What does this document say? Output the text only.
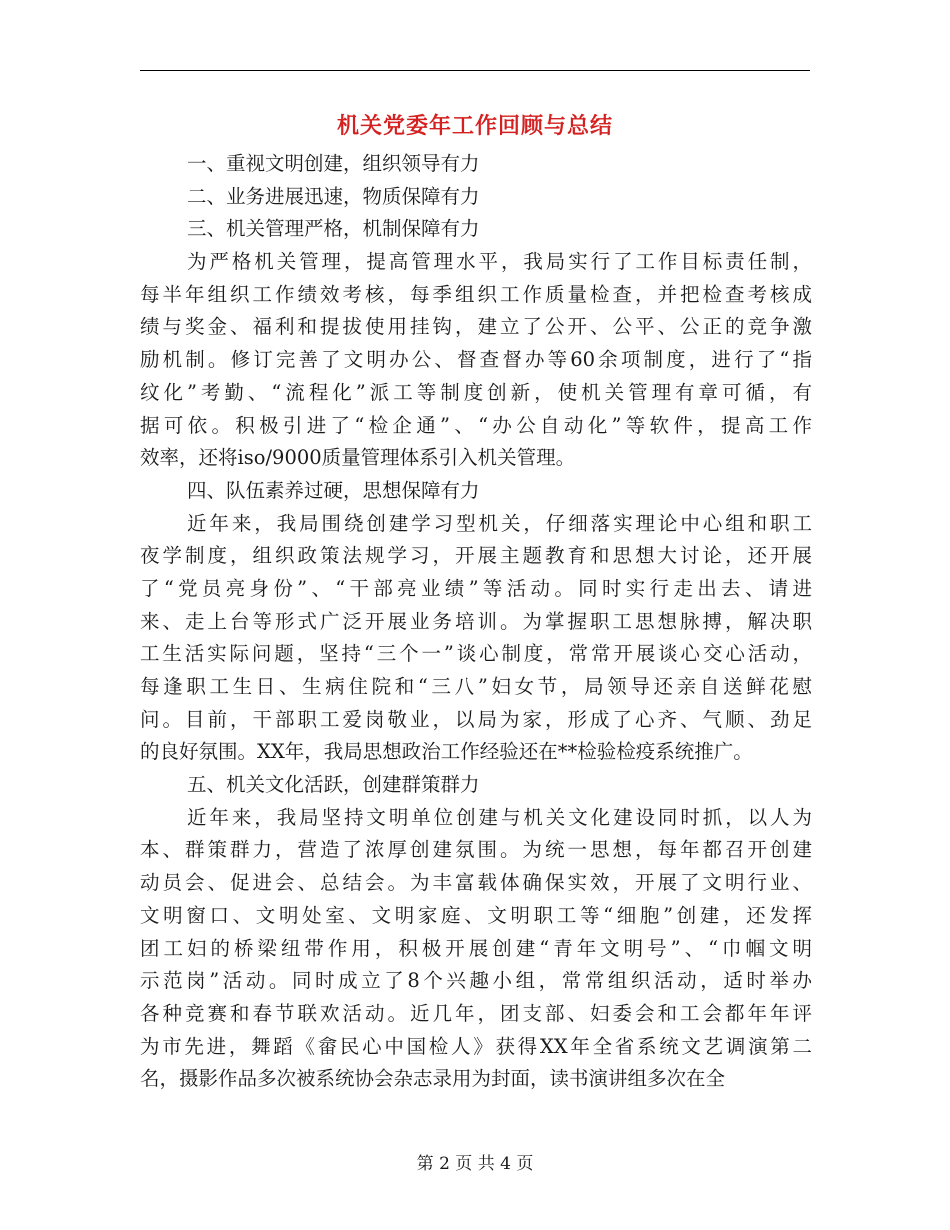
机关党委年工作回顾与总结
一、重视文明创建，组织领导有力
二、业务进展迅速，物质保障有力
三、机关管理严格，机制保障有力
为严格机关管理，提高管理水平，我局实行了工作目标责任制，
每半年组织工作绩效考核，每季组织工作质量检查，并把检查考核成
绩与奖金、福利和提拔使用挂钩，建立了公开、公平、公正的竞争激
励机制。修订完善了文明办公、督查督办等60余项制度，进行了“指
纹化”考勤、“流程化”派工等制度创新，使机关管理有章可循，有
据可依。积极引进了“检企通”、“办公自动化”等软件，提高工作
效率，还将iso/9000质量管理体系引入机关管理。
四、队伍素养过硬，思想保障有力
近年来，我局围绕创建学习型机关，仔细落实理论中心组和职工
夜学制度，组织政策法规学习，开展主题教育和思想大讨论，还开展
了“党员亮身份”、“干部亮业绩”等活动。同时实行走出去、请进
来、走上台等形式广泛开展业务培训。为掌握职工思想脉搏，解决职
工生活实际问题，坚持“三个一”谈心制度，常常开展谈心交心活动，
每逢职工生日、生病住院和“三八”妇女节，局领导还亲自送鲜花慰
问。目前，干部职工爱岗敬业，以局为家，形成了心齐、气顺、劲足
的良好氛围。XX年，我局思想政治工作经验还在**检验检疫系统推广。
五、机关文化活跃，创建群策群力
近年来，我局坚持文明单位创建与机关文化建设同时抓，以人为
本、群策群力，营造了浓厚创建氛围。为统一思想，每年都召开创建
动员会、促进会、总结会。为丰富载体确保实效，开展了文明行业、
文明窗口、文明处室、文明家庭、文明职工等“细胞”创建，还发挥
团工妇的桥梁纽带作用，积极开展创建“青年文明号”、“巾帼文明
示范岗”活动。同时成立了8个兴趣小组，常常组织活动，适时举办
各种竞赛和春节联欢活动。近几年，团支部、妇委会和工会都年年评
为市先进，舞蹈《畲民心中国检人》获得XX年全省系统文艺调演第二
名，摄影作品多次被系统协会杂志录用为封面，读书演讲组多次在全
第 2 页 共 4 页
